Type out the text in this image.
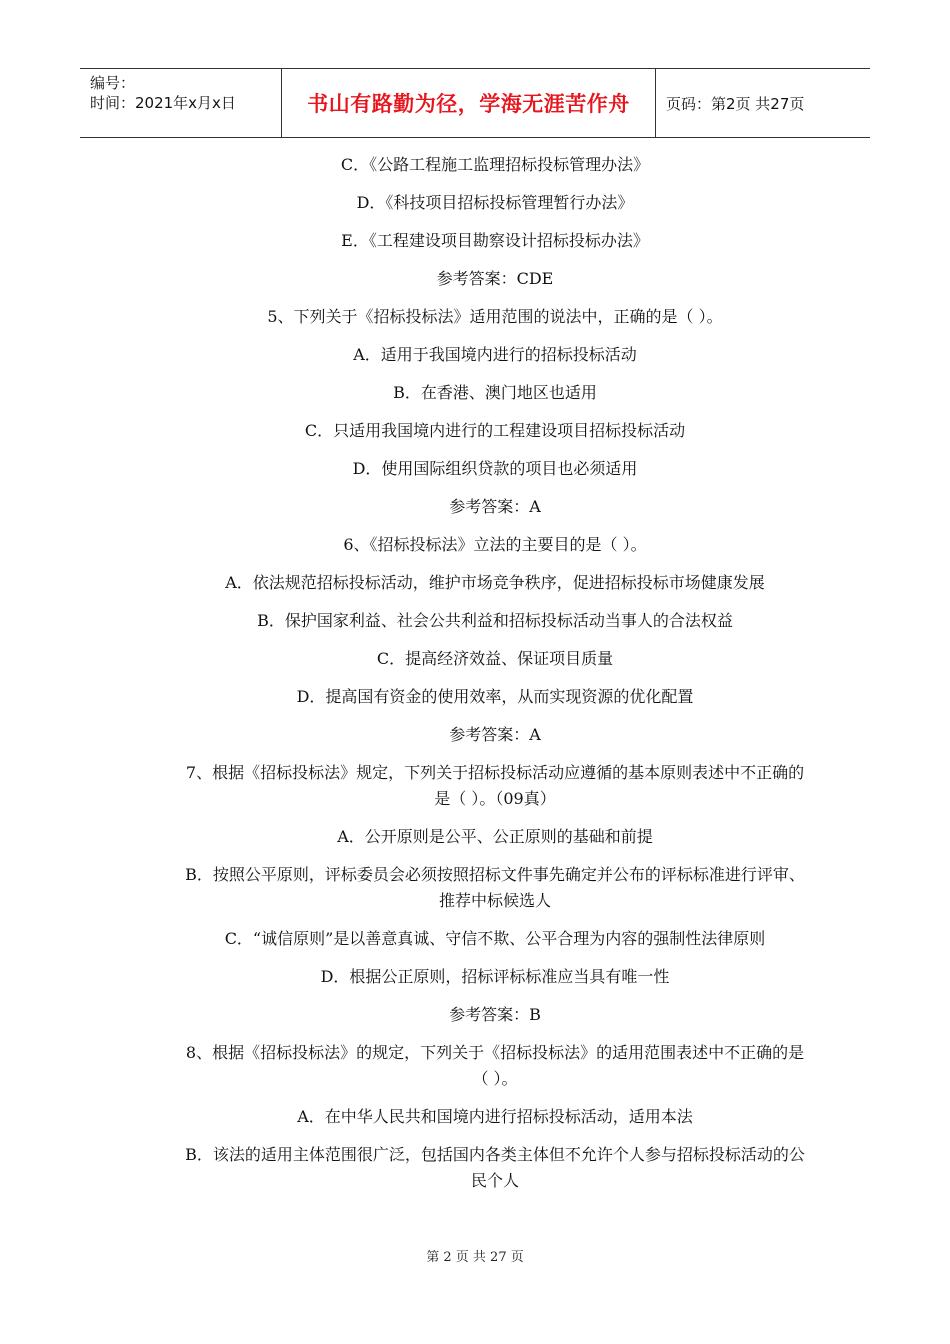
编号：
时间：2021年x月x日	书山有路勤为径，学海无涯苦作舟	页码：第2页 共27页
C．《公路工程施工监理招标投标管理办法》
D．《科技项目招标投标管理暂行办法》
E．《工程建设项目勘察设计招标投标办法》
参考答案：CDE
5、下列关于《招标投标法》适用范围的说法中，正确的是（ ）。
A．适用于我国境内进行的招标投标活动
B．在香港、澳门地区也适用
C．只适用我国境内进行的工程建设项目招标投标活动
D．使用国际组织贷款的项目也必须适用
参考答案：A
6、《招标投标法》立法的主要目的是（ ）。
A．依法规范招标投标活动，维护市场竞争秩序，促进招标投标市场健康发展
B．保护国家利益、社会公共利益和招标投标活动当事人的合法权益
C．提高经济效益、保证项目质量
D．提高国有资金的使用效率，从而实现资源的优化配置
参考答案：A
7、根据《招标投标法》规定，下列关于招标投标活动应遵循的基本原则表述中不正确的是（ ）。（09真）
A．公开原则是公平、公正原则的基础和前提
B．按照公平原则，评标委员会必须按照招标文件事先确定并公布的评标标准进行评审、推荐中标候选人
C．“诚信原则”是以善意真诚、守信不欺、公平合理为内容的强制性法律原则
D．根据公正原则，招标评标标准应当具有唯一性
参考答案：B
8、根据《招标投标法》的规定，下列关于《招标投标法》的适用范围表述中不正确的是（ ）。
A．在中华人民共和国境内进行招标投标活动，适用本法
B．该法的适用主体范围很广泛，包括国内各类主体但不允许个人参与招标投标活动的公民个人
第 2 页 共 27 页
